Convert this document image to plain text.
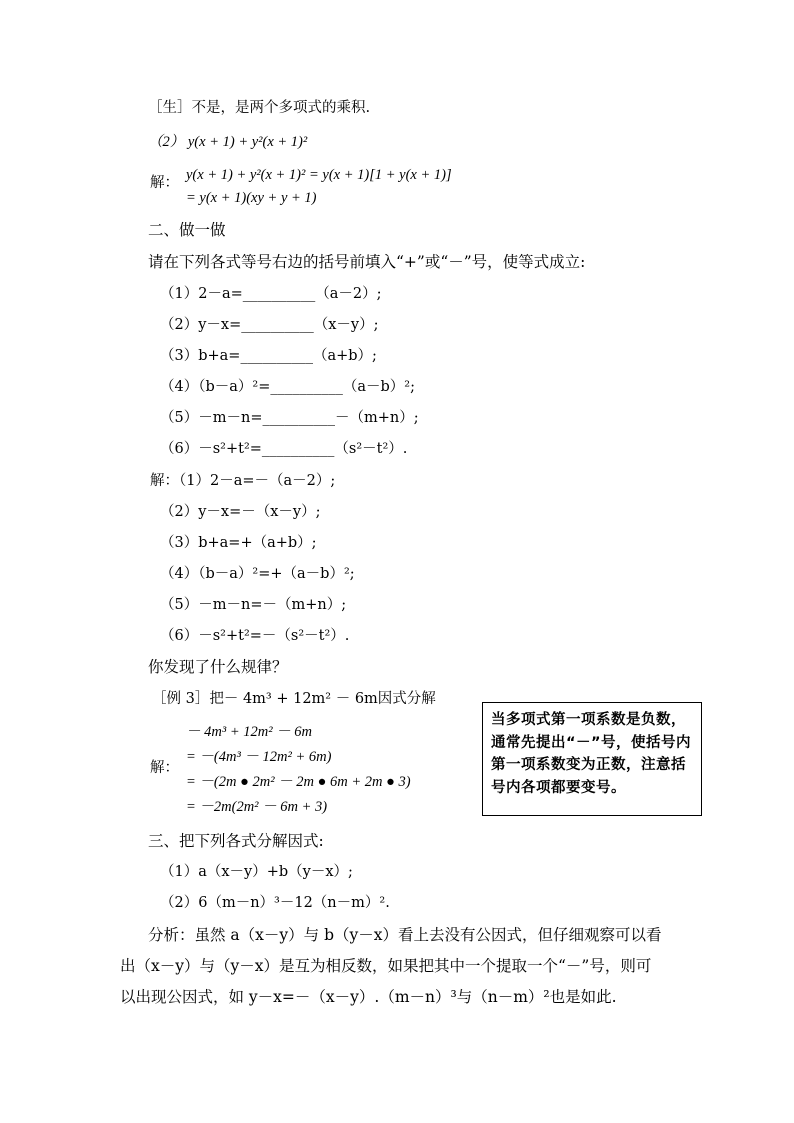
［生］不是，是两个多项式的乘积.
（2） y(x + 1) + y²(x + 1)²
解： y(x + 1) + y²(x + 1)² = y(x + 1)[1 + y(x + 1)]
= y(x + 1)(xy + y + 1)
二、做一做
请在下列各式等号右边的括号前填入“+”或“－”号，使等式成立:
（1）2－a=__________（a－2）;
（2）y－x=__________（x－y）;
（3）b+a=__________（a+b）;
（4）（b－a）²=__________（a－b）²;
（5）－m－n=__________－（m+n）;
（6）－s²+t²=__________（s²－t²）.
解：（1）2－a=－（a－2）;
（2）y－x=－（x－y）;
（3）b+a=+（a+b）;
（4）（b－a）²=+（a－b）²;
（5）－m－n=－（m+n）;
（6）－s²+t²=－（s²－t²）.
你发现了什么规律？
［例 3］把－ 4m³ + 12m² － 6m因式分解
解：
－ 4m³ + 12m² － 6m
= －(4m³ － 12m² + 6m)
= －(2m ● 2m² － 2m ● 6m + 2m ● 3)
= －2m(2m² － 6m + 3)
当多项式第一项系数是负数，通常先提出“－”号，使括号内第一项系数变为正数，注意括号内各项都要变号。
三、把下列各式分解因式:
（1）a（x－y）+b（y－x）;
（2）6（m－n）³－12（n－m）².
分析：虽然 a（x－y）与 b（y－x）看上去没有公因式，但仔细观察可以看
出（x－y）与（y－x）是互为相反数，如果把其中一个提取一个“－”号，则可
以出现公因式，如 y－x=－（x－y）.（m－n）³与（n－m）²也是如此.
